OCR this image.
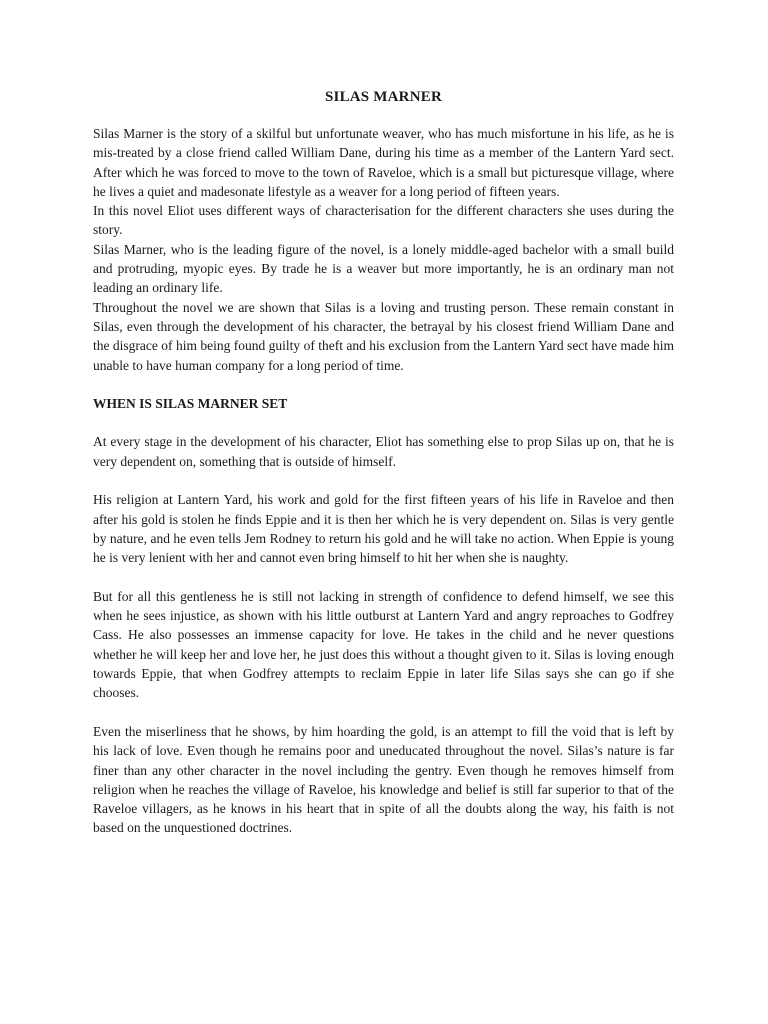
SILAS MARNER

Silas Marner is the story of a skilful but unfortunate weaver, who has much misfortune in his life, as he is mis-treated by a close friend called William Dane, during his time as a member of the Lantern Yard sect. After which he was forced to move to the town of Raveloe, which is a small but picturesque village, where he lives a quiet and madesonate lifestyle as a weaver for a long period of fifteen years.

In this novel Eliot uses different ways of characterisation for the different characters she uses during the story.

Silas Marner, who is the leading figure of the novel, is a lonely middle-aged bachelor with a small build and protruding, myopic eyes. By trade he is a weaver but more importantly, he is an ordinary man not leading an ordinary life.

Throughout the novel we are shown that Silas is a loving and trusting person. These remain constant in Silas, even through the development of his character, the betrayal by his closest friend William Dane and the disgrace of him being found guilty of theft and his exclusion from the Lantern Yard sect have made him unable to have human company for a long period of time.

WHEN IS SILAS MARNER SET

At every stage in the development of his character, Eliot has something else to prop Silas up on, that he is very dependent on, something that is outside of himself.

His religion at Lantern Yard, his work and gold for the first fifteen years of his life in Raveloe and then after his gold is stolen he finds Eppie and it is then her which he is very dependent on. Silas is very gentle by nature, and he even tells Jem Rodney to return his gold and he will take no action. When Eppie is young he is very lenient with her and cannot even bring himself to hit her when she is naughty.

But for all this gentleness he is still not lacking in strength of confidence to defend himself, we see this when he sees injustice, as shown with his little outburst at Lantern Yard and angry reproaches to Godfrey Cass. He also possesses an immense capacity for love. He takes in the child and he never questions whether he will keep her and love her, he just does this without a thought given to it. Silas is loving enough towards Eppie, that when Godfrey attempts to reclaim Eppie in later life Silas says she can go if she chooses.

Even the miserliness that he shows, by him hoarding the gold, is an attempt to fill the void that is left by his lack of love. Even though he remains poor and uneducated throughout the novel. Silas’s nature is far finer than any other character in the novel including the gentry. Even though he removes himself from religion when he reaches the village of Raveloe, his knowledge and belief is still far superior to that of the Raveloe villagers, as he knows in his heart that in spite of all the doubts along the way, his faith is not based on the unquestioned doctrines.
